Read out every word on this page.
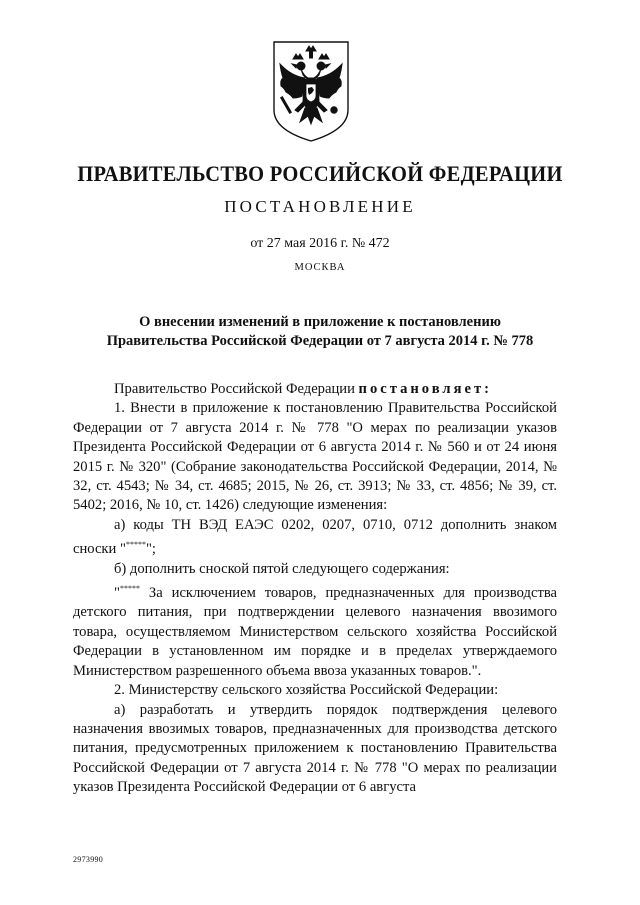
ПРАВИТЕЛЬСТВО РОССИЙСКОЙ ФЕДЕРАЦИИ
ПОСТАНОВЛЕНИЕ
от 27 мая 2016 г. № 472
МОСКВА
О внесении изменений в приложение к постановлению
Правительства Российской Федерации от 7 августа 2014 г. № 778

Правительство Российской Федерации постановляет:

1. Внести в приложение к постановлению Правительства Российской Федерации от 7 августа 2014 г. № 778 "О мерах по реализации указов Президента Российской Федерации от 6 августа 2014 г. № 560 и от 24 июня 2015 г. № 320" (Собрание законодательства Российской Федерации, 2014, № 32, ст. 4543; № 34, ст. 4685; 2015, № 26, ст. 3913; № 33, ст. 4856; № 39, ст. 5402; 2016, № 10, ст. 1426) следующие изменения:

а) коды ТН ВЭД ЕАЭС 0202, 0207, 0710, 0712 дополнить знаком сноски "*****";

б) дополнить сноской пятой следующего содержания:

"***** За исключением товаров, предназначенных для производства детского питания, при подтверждении целевого назначения ввозимого товара, осуществляемом Министерством сельского хозяйства Российской Федерации в установленном им порядке и в пределах утверждаемого Министерством разрешенного объема ввоза указанных товаров.".

2. Министерству сельского хозяйства Российской Федерации:

а) разработать и утвердить порядок подтверждения целевого назначения ввозимых товаров, предназначенных для производства детского питания, предусмотренных приложением к постановлению Правительства Российской Федерации от 7 августа 2014 г. № 778 "О мерах по реализации указов Президента Российской Федерации от 6 августа

2973990
